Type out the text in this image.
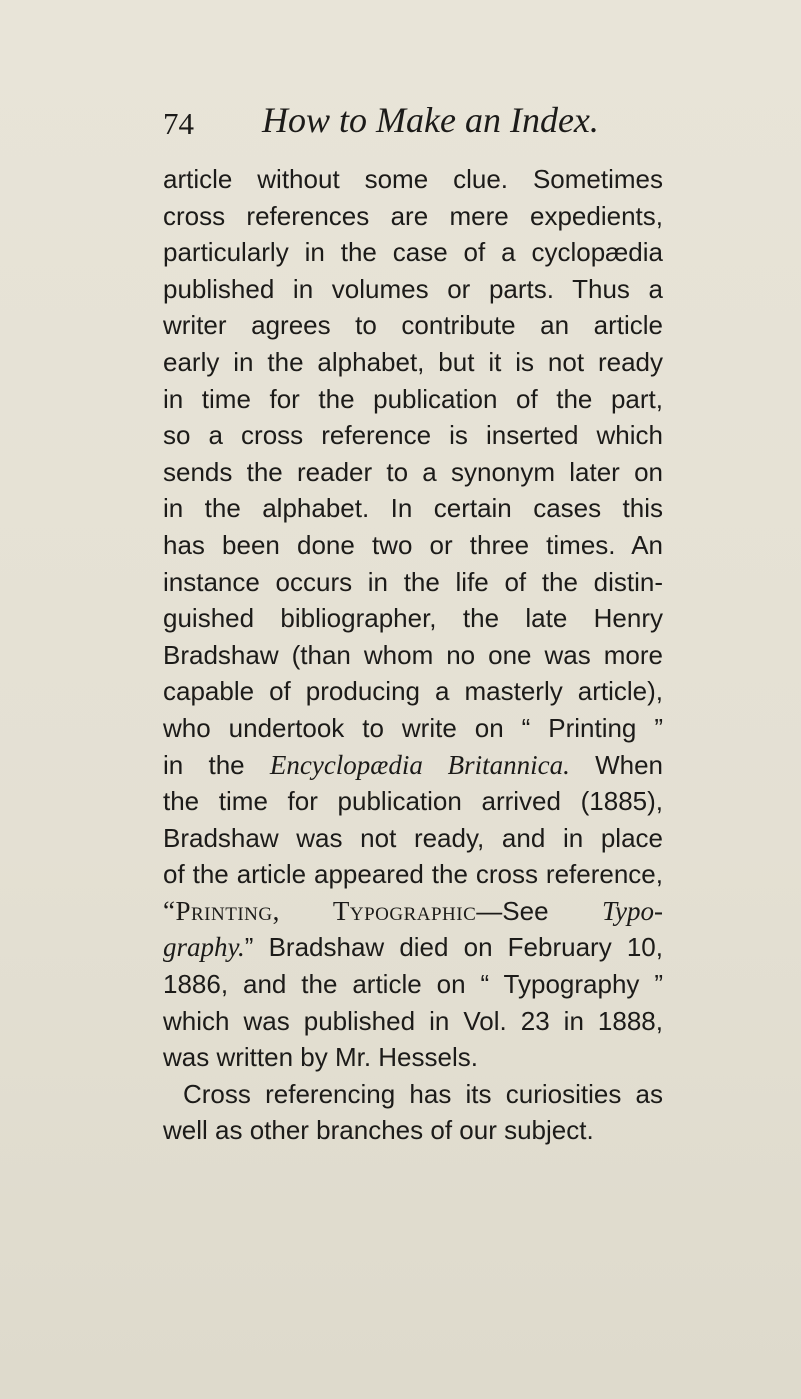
74 How to Make an Index.
article without some clue. Sometimes
cross references are mere expedients,
particularly in the case of a cyclopædia
published in volumes or parts. Thus a
writer agrees to contribute an article
early in the alphabet, but it is not ready
in time for the publication of the part,
so a cross reference is inserted which
sends the reader to a synonym later on
in the alphabet. In certain cases this
has been done two or three times. An
instance occurs in the life of the distin-
guished bibliographer, the late Henry
Bradshaw (than whom no one was more
capable of producing a masterly article),
who undertook to write on “ Printing ”
in the Encyclopædia Britannica. When
the time for publication arrived (1885),
Bradshaw was not ready, and in place
of the article appeared the cross reference,
“Printing, Typographic—See Typo-
graphy.” Bradshaw died on February 10,
1886, and the article on “ Typography ”
which was published in Vol. 23 in 1888,
was written by Mr. Hessels.
Cross referencing has its curiosities as
well as other branches of our subject.
